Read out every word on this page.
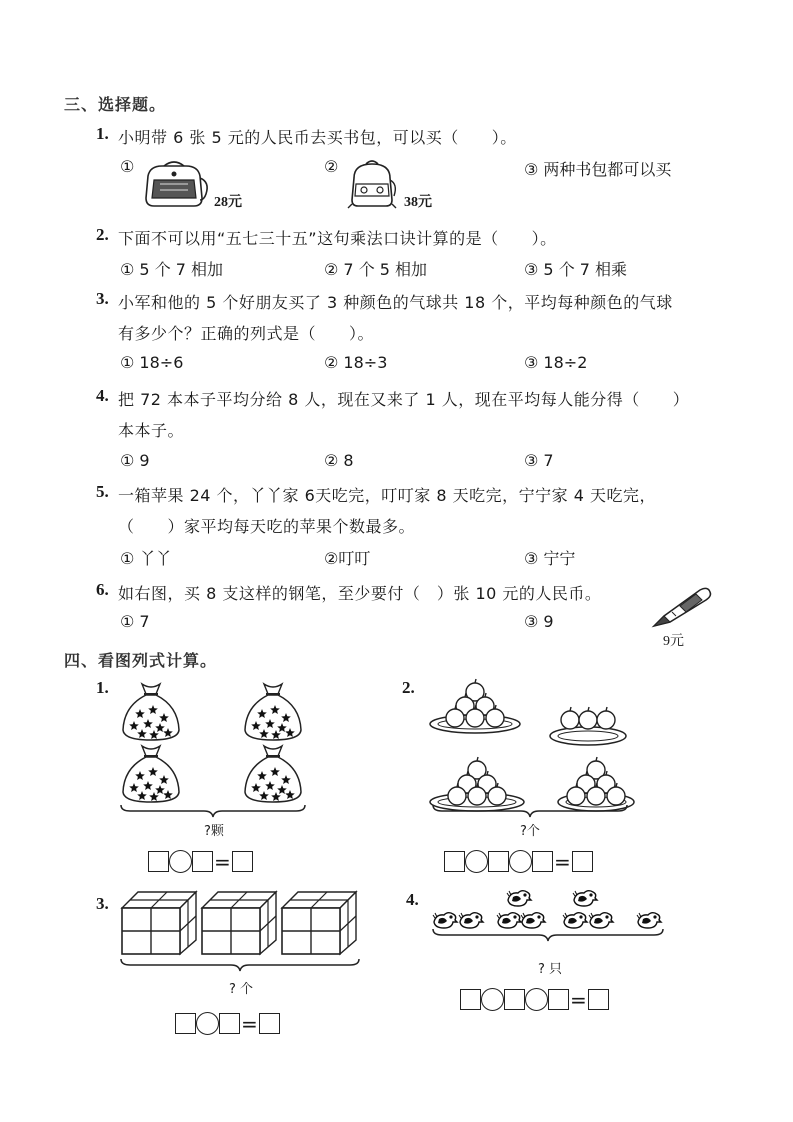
三、选择题。
1. 小明带 6 张 5 元的人民币去买书包，可以买（　　）。
①
28元
②
38元
③ 两种书包都可以买
2. 下面不可以用“五七三十五”这句乘法口诀计算的是（　　）。
① 5 个 7 相加	② 7 个 5 相加	③ 5 个 7 相乘
3. 小军和他的 5 个好朋友买了 3 种颜色的气球共 18 个，平均每种颜色的气球
有多少个？正确的列式是（　　）。
① 18÷6	② 18÷3	③ 18÷2
4. 把 72 本本子平均分给 8 人，现在又来了 1 人，现在平均每人能分得（　　）
本本子。
① 9	② 8	③ 7
5. 一箱苹果 24 个，丫丫家 6天吃完，叮叮家 8 天吃完，宁宁家 4 天吃完，
（　　）家平均每天吃的苹果个数最多。
① 丫丫	②叮叮	③ 宁宁
6. 如右图，买 8 支这样的钢笔，至少要付（　）张 10 元的人民币。
① 7	③ 9
9元
四、看图列式计算。
1.
?颗
=
2.
?个
=
3.
? 个
=
4.
? 只
=
